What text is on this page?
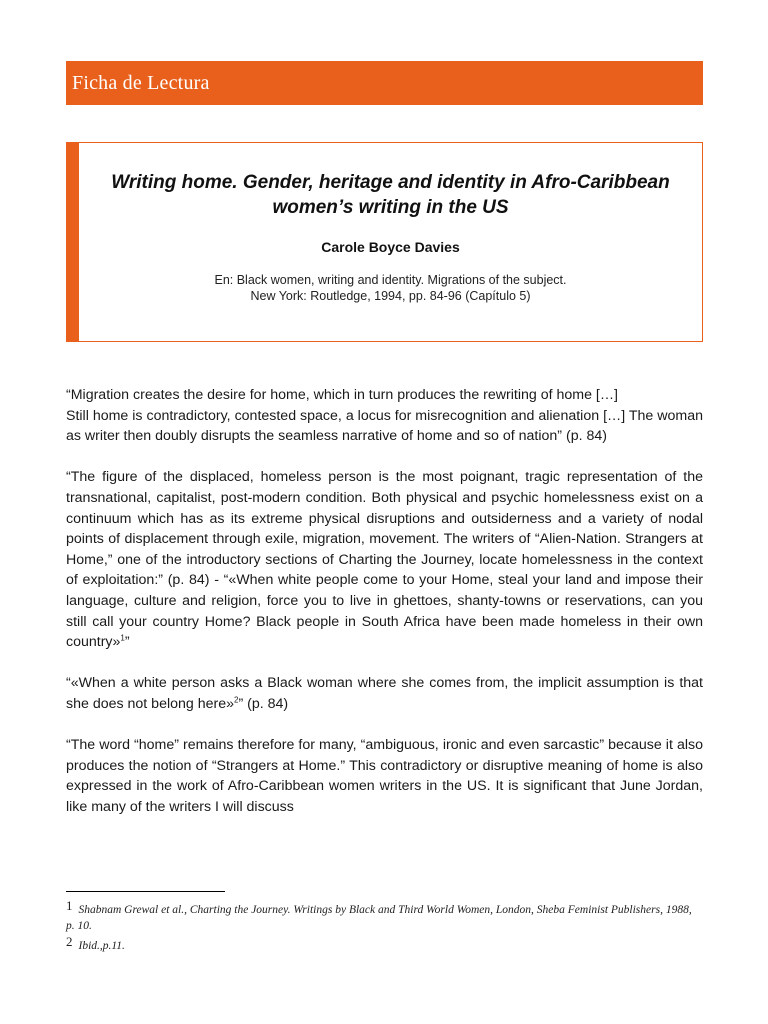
Ficha de Lectura
Writing home. Gender, heritage and identity in Afro-Caribbean women’s writing in the US
Carole Boyce Davies
En: Black women, writing and identity. Migrations of the subject.
New York: Routledge, 1994, pp. 84-96 (Capítulo 5)

“Migration creates the desire for home, which in turn produces the rewriting of home […]

Still home is contradictory, contested space, a locus for misrecognition and alienation […] The woman as writer then doubly disrupts the seamless narrative of home and so of nation” (p. 84)

“The figure of the displaced, homeless person is the most poignant, tragic representation of the transnational, capitalist, post-modern condition. Both physical and psychic homelessness exist on a continuum which has as its extreme physical disruptions and outsiderness and a variety of nodal points of displacement through exile, migration, movement. The writers of “Alien-Nation. Strangers at Home,” one of the introductory sections of Charting the Journey, locate homelessness in the context of exploitation:” (p. 84) - “«When white people come to your Home, steal your land and impose their language, culture and religion, force you to live in ghettoes, shanty-towns or reservations, can you still call your country Home? Black people in South Africa have been made homeless in their own country»$^1$”

“«When a white person asks a Black woman where she comes from, the implicit assumption is that she does not belong here»$^2$” (p. 84)

“The word “home” remains therefore for many, “ambiguous, ironic and even sarcastic” because it also produces the notion of “Strangers at Home.” This contradictory or disruptive meaning of home is also expressed in the work of Afro-Caribbean women writers in the US. It is significant that June Jordan, like many of the writers I will discuss

1 Shabnam Grewal et al., Charting the Journey. Writings by Black and Third World Women, London, Sheba Feminist Publishers, 1988, p. 10.
2 Ibid.,p.11.
